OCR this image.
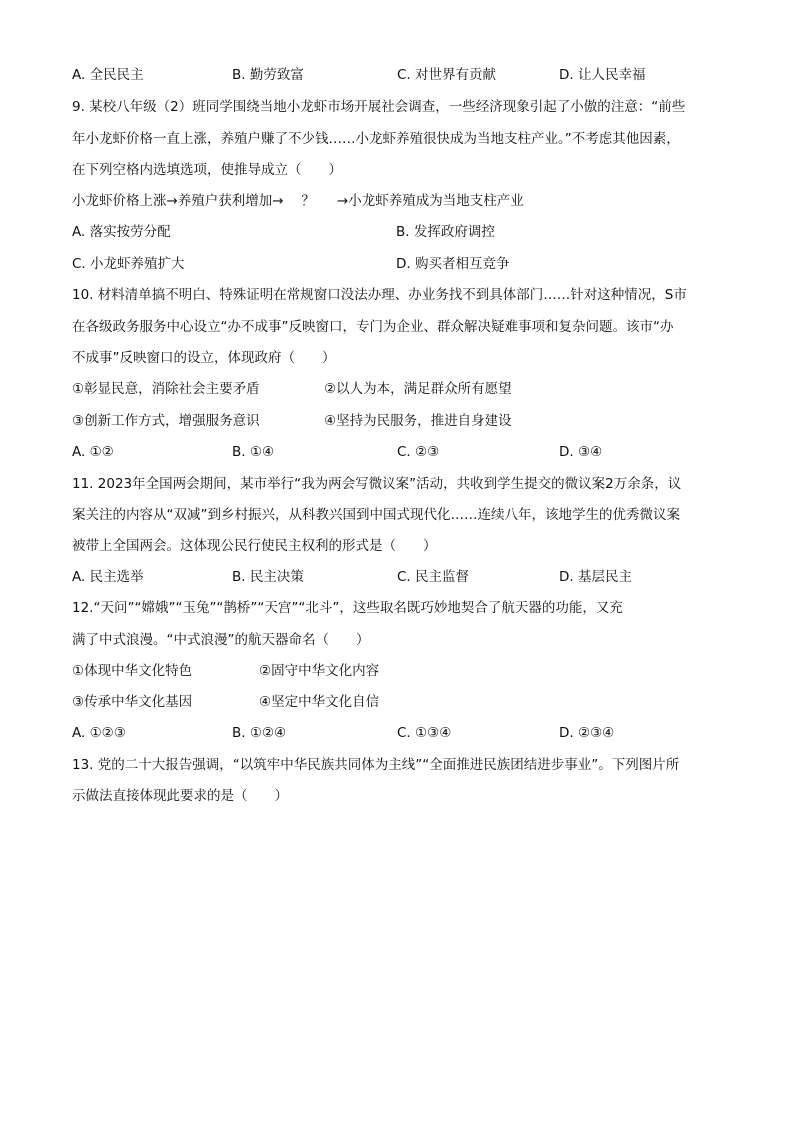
A. 全民民主	B. 勤劳致富	C. 对世界有贡献	D. 让人民幸福
9. 某校八年级（2）班同学围绕当地小龙虾市场开展社会调查，一些经济现象引起了小傲的注意：“前些
年小龙虾价格一直上涨，养殖户赚了不少钱……小龙虾养殖很快成为当地支柱产业。”不考虑其他因素，
在下列空格内选填选项，使推导成立（　　）
小龙虾价格上涨→养殖户获利增加→　 ？ 　 →小龙虾养殖成为当地支柱产业
A. 落实按劳分配	B. 发挥政府调控
C. 小龙虾养殖扩大	D. 购买者相互竞争
10. 材料清单搞不明白、特殊证明在常规窗口没法办理、办业务找不到具体部门……针对这种情况，S市
在各级政务服务中心设立“办不成事”反映窗口，专门为企业、群众解决疑难事项和复杂问题。该市“办
不成事”反映窗口的设立，体现政府（　　）
①彰显民意，消除社会主要矛盾	②以人为本，满足群众所有愿望
③创新工作方式，增强服务意识	④坚持为民服务，推进自身建设
A. ①②	B. ①④	C. ②③	D. ③④
11. 2023年全国两会期间，某市举行“我为两会写微议案”活动，共收到学生提交的微议案2万余条，议
案关注的内容从“双减”到乡村振兴，从科教兴国到中国式现代化……连续八年，该地学生的优秀微议案
被带上全国两会。这体现公民行使民主权利的形式是（　　）
A. 民主选举	B. 民主决策	C. 民主监督	D. 基层民主
12.“天问”“嫦娥”“玉兔”“鹊桥”“天宫”“北斗”，这些取名既巧妙地契合了航天器的功能，又充
满了中式浪漫。“中式浪漫”的航天器命名（　　）
①体现中华文化特色	②固守中华文化内容
③传承中华文化基因	④坚定中华文化自信
A. ①②③	B. ①②④	C. ①③④	D. ②③④
13. 党的二十大报告强调，“以筑牢中华民族共同体为主线”“全面推进民族团结进步事业”。下列图片所
示做法直接体现此要求的是（　　）
